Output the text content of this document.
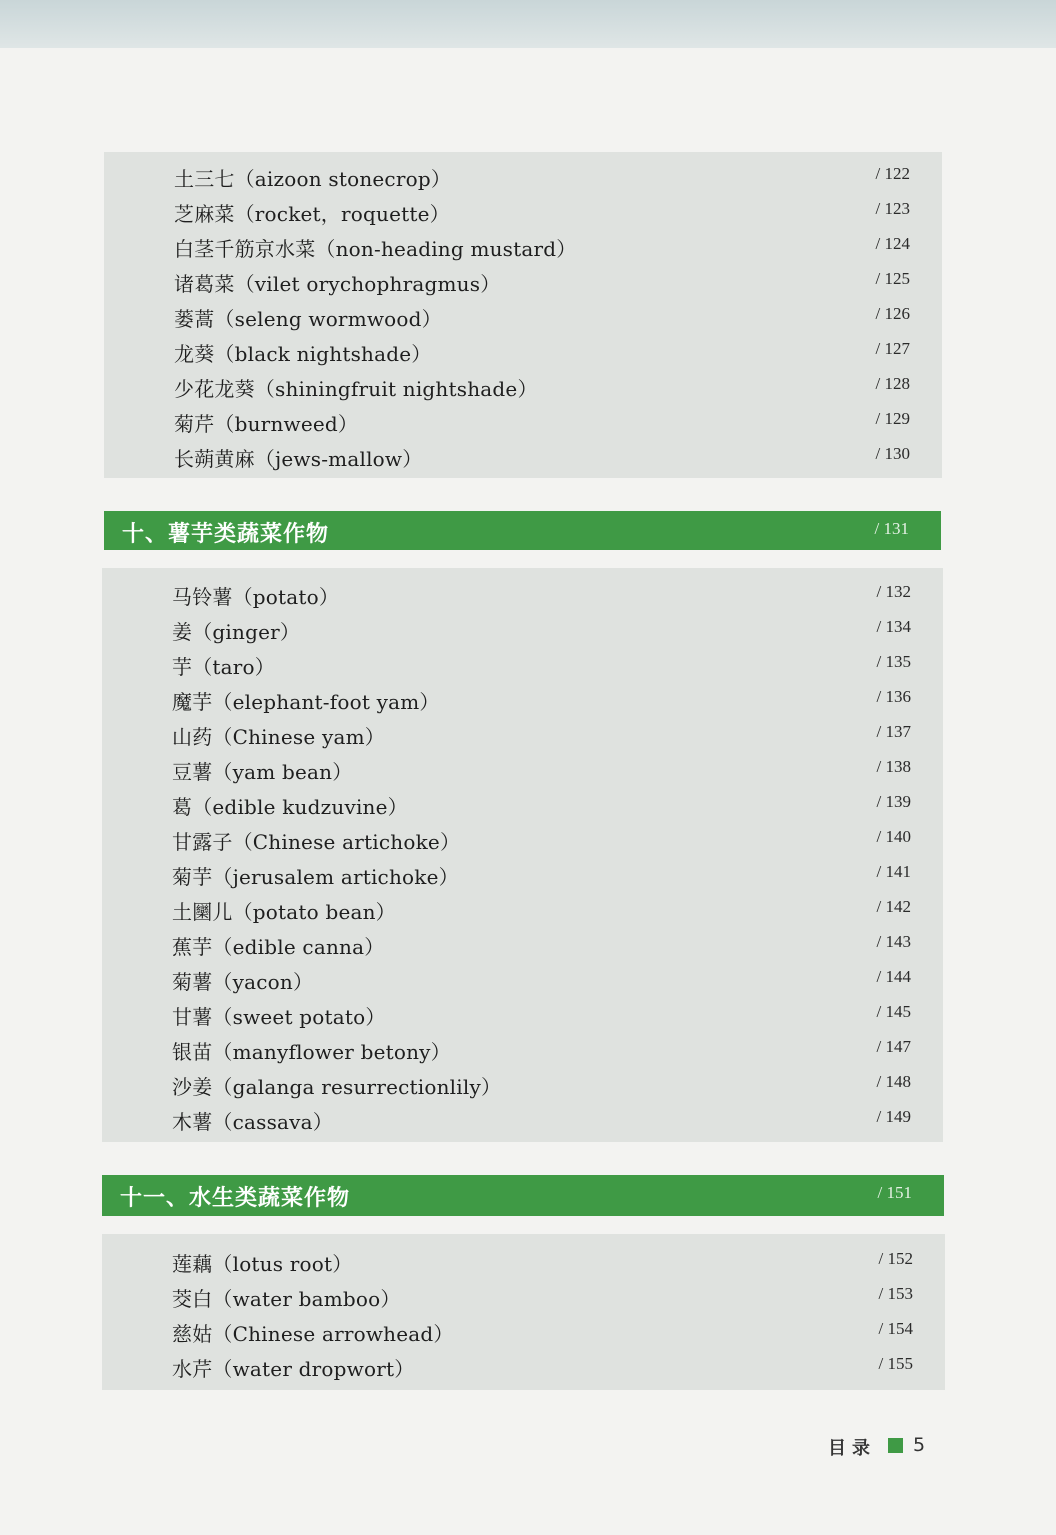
土三七（aizoon stonecrop）	/ 122
芝麻菜（rocket，roquette）	/ 123
白茎千筋京水菜（non-heading mustard）	/ 124
诸葛菜（vilet orychophragmus）	/ 125
蒌蒿（seleng wormwood）	/ 126
龙葵（black nightshade）	/ 127
少花龙葵（shiningfruit nightshade）	/ 128
菊芹（burnweed）	/ 129
长蒴黄麻（jews-mallow）	/ 130
十、薯芋类蔬菜作物	/ 131
马铃薯（potato）	/ 132
姜（ginger）	/ 134
芋（taro）	/ 135
魔芋（elephant-foot yam）	/ 136
山药（Chinese yam）	/ 137
豆薯（yam bean）	/ 138
葛（edible kudzuvine）	/ 139
甘露子（Chinese artichoke）	/ 140
菊芋（jerusalem artichoke）	/ 141
土圞儿（potato bean）	/ 142
蕉芋（edible canna）	/ 143
菊薯（yacon）	/ 144
甘薯（sweet potato）	/ 145
银苗（manyflower betony）	/ 147
沙姜（galanga resurrectionlily）	/ 148
木薯（cassava）	/ 149
十一、水生类蔬菜作物	/ 151
莲藕（lotus root）	/ 152
茭白（water bamboo）	/ 153
慈姑（Chinese arrowhead）	/ 154
水芹（water dropwort）	/ 155
目录 5
